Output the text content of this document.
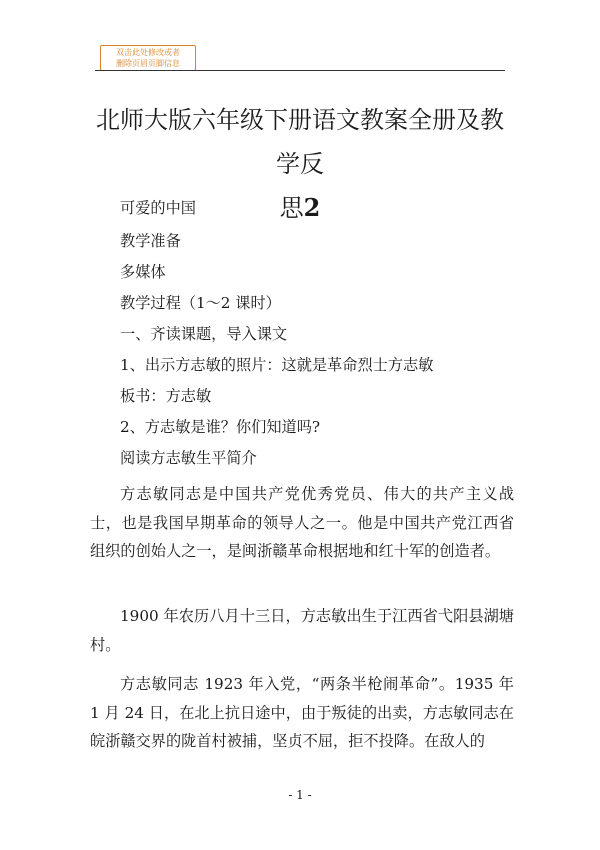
双击此处修改或者
删除页眉页脚信息
北师大版六年级下册语文教案全册及教学反
思2

可爱的中国

教学准备

多媒体

教学过程（1～2 课时）

一、齐读课题，导入课文

1、出示方志敏的照片：这就是革命烈士方志敏

板书：方志敏

2、方志敏是谁？你们知道吗?

阅读方志敏生平简介

方志敏同志是中国共产党优秀党员、伟大的共产主义战士，也是我国早期革命的领导人之一。他是中国共产党江西省组织的创始人之一，是闽浙赣革命根据地和红十军的创造者。

1900 年农历八月十三日，方志敏出生于江西省弋阳县湖塘村。

方志敏同志 1923 年入党，“两条半枪闹革命”。1935 年 1 月 24 日，在北上抗日途中，由于叛徒的出卖，方志敏同志在皖浙赣交界的陇首村被捕，坚贞不屈，拒不投降。在敌人的

- 1 -
